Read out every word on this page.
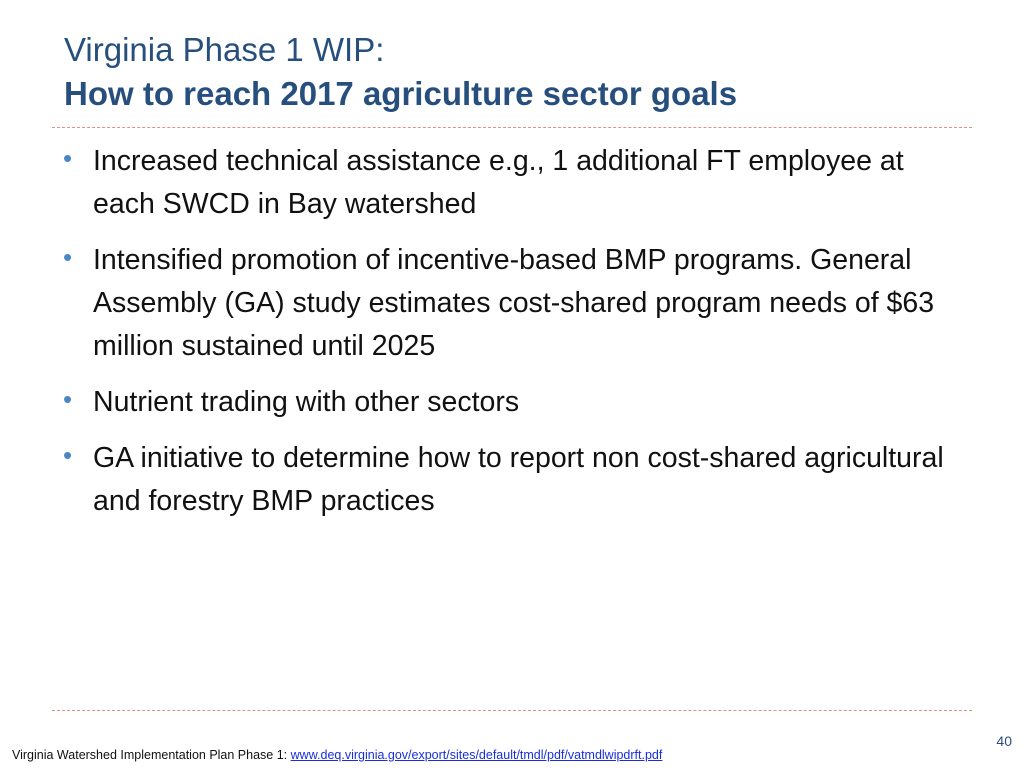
Virginia Phase 1 WIP:
How to reach 2017 agriculture sector goals
• Increased technical assistance e.g., 1 additional FT employee at each SWCD in Bay watershed
• Intensified promotion of incentive-based BMP programs. General Assembly (GA) study estimates cost-shared program needs of $63 million sustained until 2025
• Nutrient trading with other sectors
• GA initiative to determine how to report non cost-shared agricultural and forestry BMP practices
40
Virginia Watershed Implementation Plan Phase 1: www.deq.virginia.gov/export/sites/default/tmdl/pdf/vatmdlwipdrft.pdf
